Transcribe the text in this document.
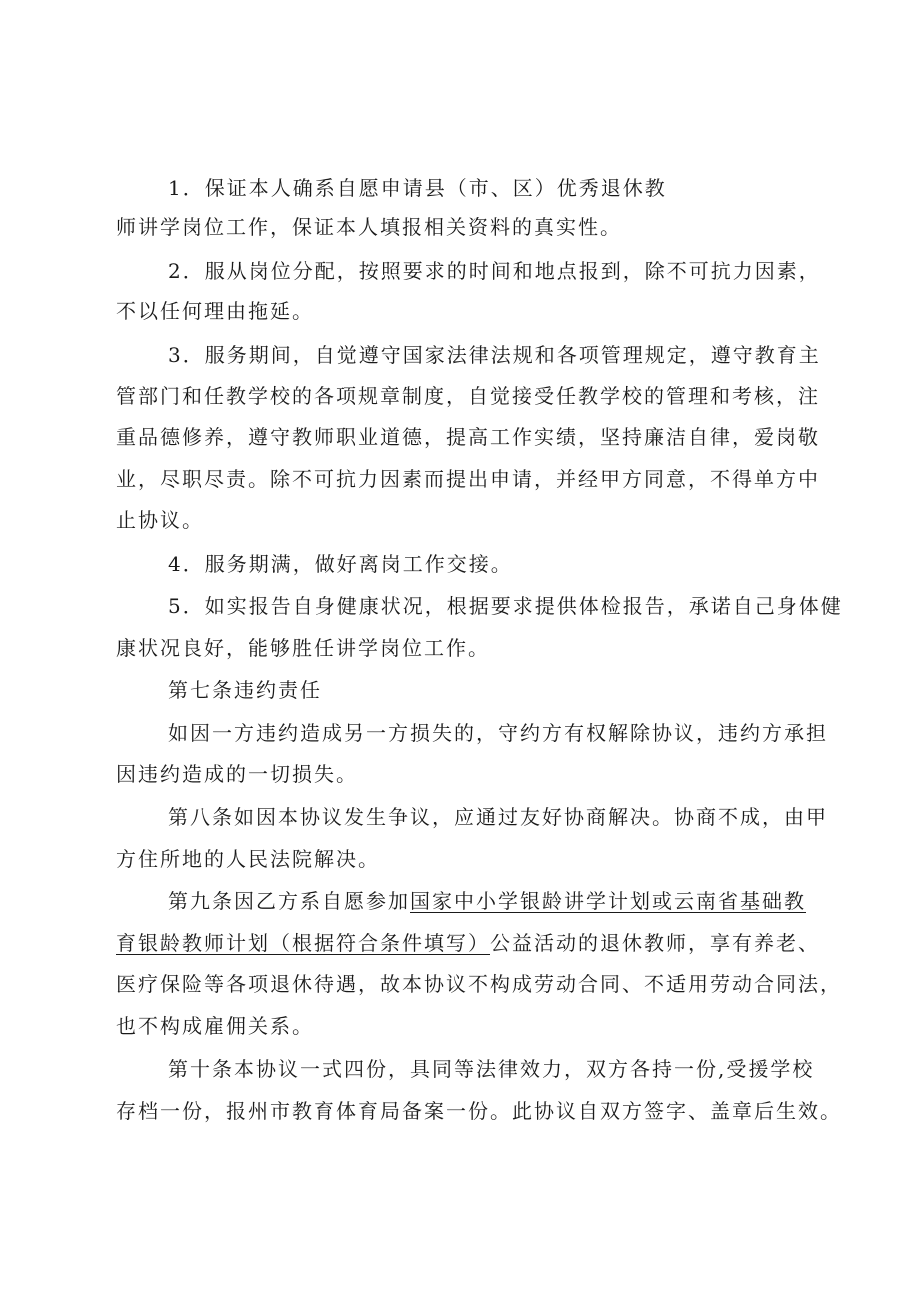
1．保证本人确系自愿申请县（市、区）优秀退休教
师讲学岗位工作，保证本人填报相关资料的真实性。
2．服从岗位分配，按照要求的时间和地点报到，除不可抗力因素，
不以任何理由拖延。
3．服务期间，自觉遵守国家法律法规和各项管理规定，遵守教育主
管部门和任教学校的各项规章制度，自觉接受任教学校的管理和考核，注
重品德修养，遵守教师职业道德，提高工作实绩，坚持廉洁自律，爱岗敬
业，尽职尽责。除不可抗力因素而提出申请，并经甲方同意，不得单方中
止协议。
4．服务期满，做好离岗工作交接。
5．如实报告自身健康状况，根据要求提供体检报告，承诺自己身体健
康状况良好，能够胜任讲学岗位工作。
第七条违约责任
如因一方违约造成另一方损失的，守约方有权解除协议，违约方承担
因违约造成的一切损失。
第八条如因本协议发生争议，应通过友好协商解决。协商不成，由甲
方住所地的人民法院解决。
第九条因乙方系自愿参加国家中小学银龄讲学计划或云南省基础教
育银龄教师计划（根据符合条件填写）公益活动的退休教师，享有养老、
医疗保险等各项退休待遇，故本协议不构成劳动合同、不适用劳动合同法，
也不构成雇佣关系。
第十条本协议一式四份，具同等法律效力，双方各持一份,受援学校
存档一份，报州市教育体育局备案一份。此协议自双方签字、盖章后生效。
